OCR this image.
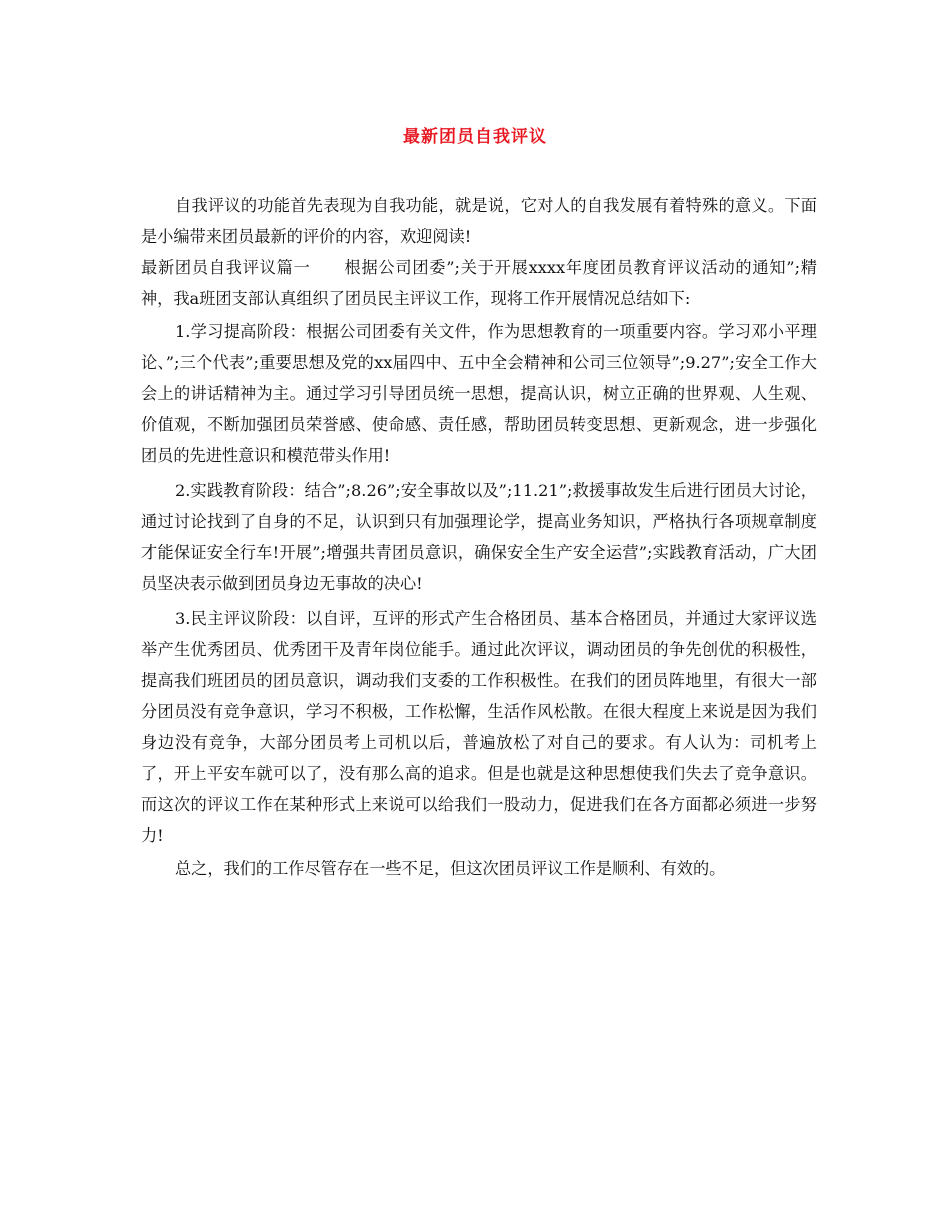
最新团员自我评议

自我评议的功能首先表现为自我功能，就是说，它对人的自我发展有着特殊的意义。下面是小编带来团员最新的评价的内容，欢迎阅读!

最新团员自我评议篇一　　根据公司团委”;关于开展xxxx年度团员教育评议活动的通知”;精神，我a班团支部认真组织了团员民主评议工作，现将工作开展情况总结如下:

1.学习提高阶段：根据公司团委有关文件，作为思想教育的一项重要内容。学习邓小平理论、”;三个代表”;重要思想及党的xx届四中、五中全会精神和公司三位领导”;9.27”;安全工作大会上的讲话精神为主。通过学习引导团员统一思想，提高认识，树立正确的世界观、人生观、价值观，不断加强团员荣誉感、使命感、责任感，帮助团员转变思想、更新观念，进一步强化团员的先进性意识和模范带头作用!

2.实践教育阶段：结合”;8.26”;安全事故以及”;11.21”;救援事故发生后进行团员大讨论，通过讨论找到了自身的不足，认识到只有加强理论学，提高业务知识，严格执行各项规章制度才能保证安全行车!开展”;增强共青团员意识，确保安全生产安全运营”;实践教育活动，广大团员坚决表示做到团员身边无事故的决心!

3.民主评议阶段：以自评，互评的形式产生合格团员、基本合格团员，并通过大家评议选举产生优秀团员、优秀团干及青年岗位能手。通过此次评议，调动团员的争先创优的积极性，提高我们班团员的团员意识，调动我们支委的工作积极性。在我们的团员阵地里，有很大一部分团员没有竞争意识，学习不积极，工作松懈，生活作风松散。在很大程度上来说是因为我们身边没有竞争，大部分团员考上司机以后，普遍放松了对自己的要求。有人认为：司机考上了，开上平安车就可以了，没有那么高的追求。但是也就是这种思想使我们失去了竞争意识。而这次的评议工作在某种形式上来说可以给我们一股动力，促进我们在各方面都必须进一步努力!

总之，我们的工作尽管存在一些不足，但这次团员评议工作是顺利、有效的。
